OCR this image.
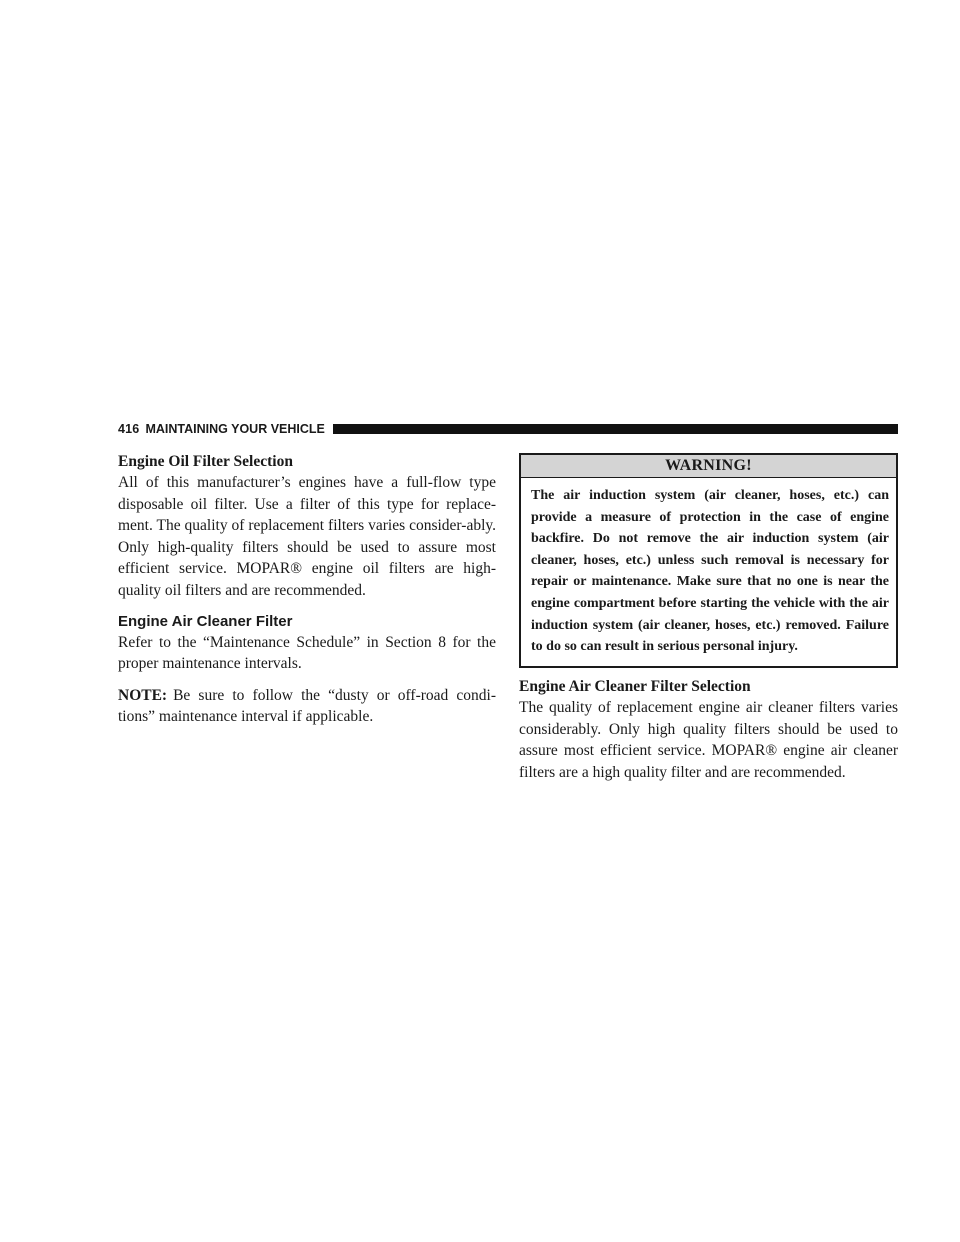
416 MAINTAINING YOUR VEHICLE
Engine Oil Filter Selection

All of this manufacturer’s engines have a full-flow type disposable oil filter. Use a filter of this type for replace-ment. The quality of replacement filters varies consider-ably. Only high-quality filters should be used to assure most efficient service. MOPAR® engine oil filters are high-quality oil filters and are recommended.

Engine Air Cleaner Filter

Refer to the “Maintenance Schedule” in Section 8 for the proper maintenance intervals.

NOTE: Be sure to follow the “dusty or off-road condi-tions” maintenance interval if applicable.

WARNING!
The air induction system (air cleaner, hoses, etc.) can provide a measure of protection in the case of engine backfire. Do not remove the air induction system (air cleaner, hoses, etc.) unless such removal is necessary for repair or maintenance. Make sure that no one is near the engine compartment before starting the vehicle with the air induction system (air cleaner, hoses, etc.) removed. Failure to do so can result in serious personal injury.
Engine Air Cleaner Filter Selection

The quality of replacement engine air cleaner filters varies considerably. Only high quality filters should be used to assure most efficient service. MOPAR® engine air cleaner filters are a high quality filter and are recommended.
